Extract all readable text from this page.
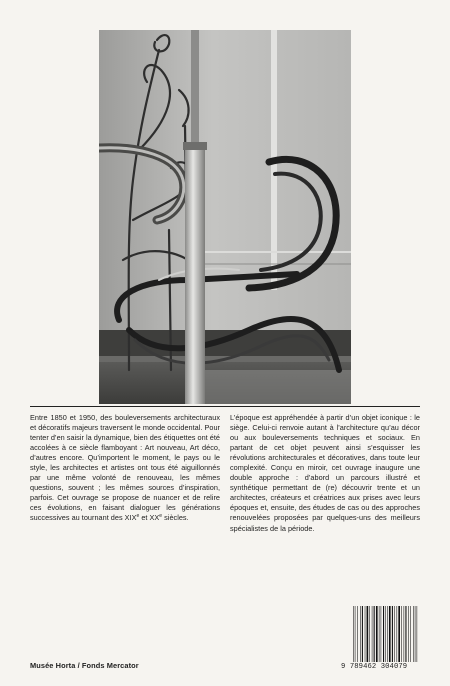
Entre 1850 et 1950, des bouleversements architecturaux et décoratifs majeurs traversent le monde occidental. Pour tenter d’en saisir la dynamique, bien des étiquettes ont été accolées à ce siècle flamboyant : Art nouveau, Art déco, d’autres encore. Qu’importent le moment, le pays ou le style, les architectes et artistes ont tous été aiguillonnés par une même volonté de renouveau, les mêmes questions, souvent ; les mêmes sources d’inspiration, parfois. Cet ouvrage se propose de nuancer et de relire ces évolutions, en faisant dialoguer les générations successives au tournant des XIXe et XXe siècles.

L’époque est appréhendée à partir d’un objet iconique : le siège. Celui-ci renvoie autant à l’architecture qu’au décor ou aux bouleversements techniques et sociaux. En partant de cet objet peuvent ainsi s’esquisser les révolutions architecturales et décoratives, dans toute leur complexité. Conçu en miroir, cet ouvrage inaugure une double approche : d’abord un parcours illustré et synthétique permettant de (re) découvrir trente et un architectes, créateurs et créatrices aux prises avec leurs époques et, ensuite, des études de cas ou des approches renouvelées proposées par quelques-uns des meilleurs spécialistes de la période.

Musée Horta / Fonds Mercator	9 789462 304079
